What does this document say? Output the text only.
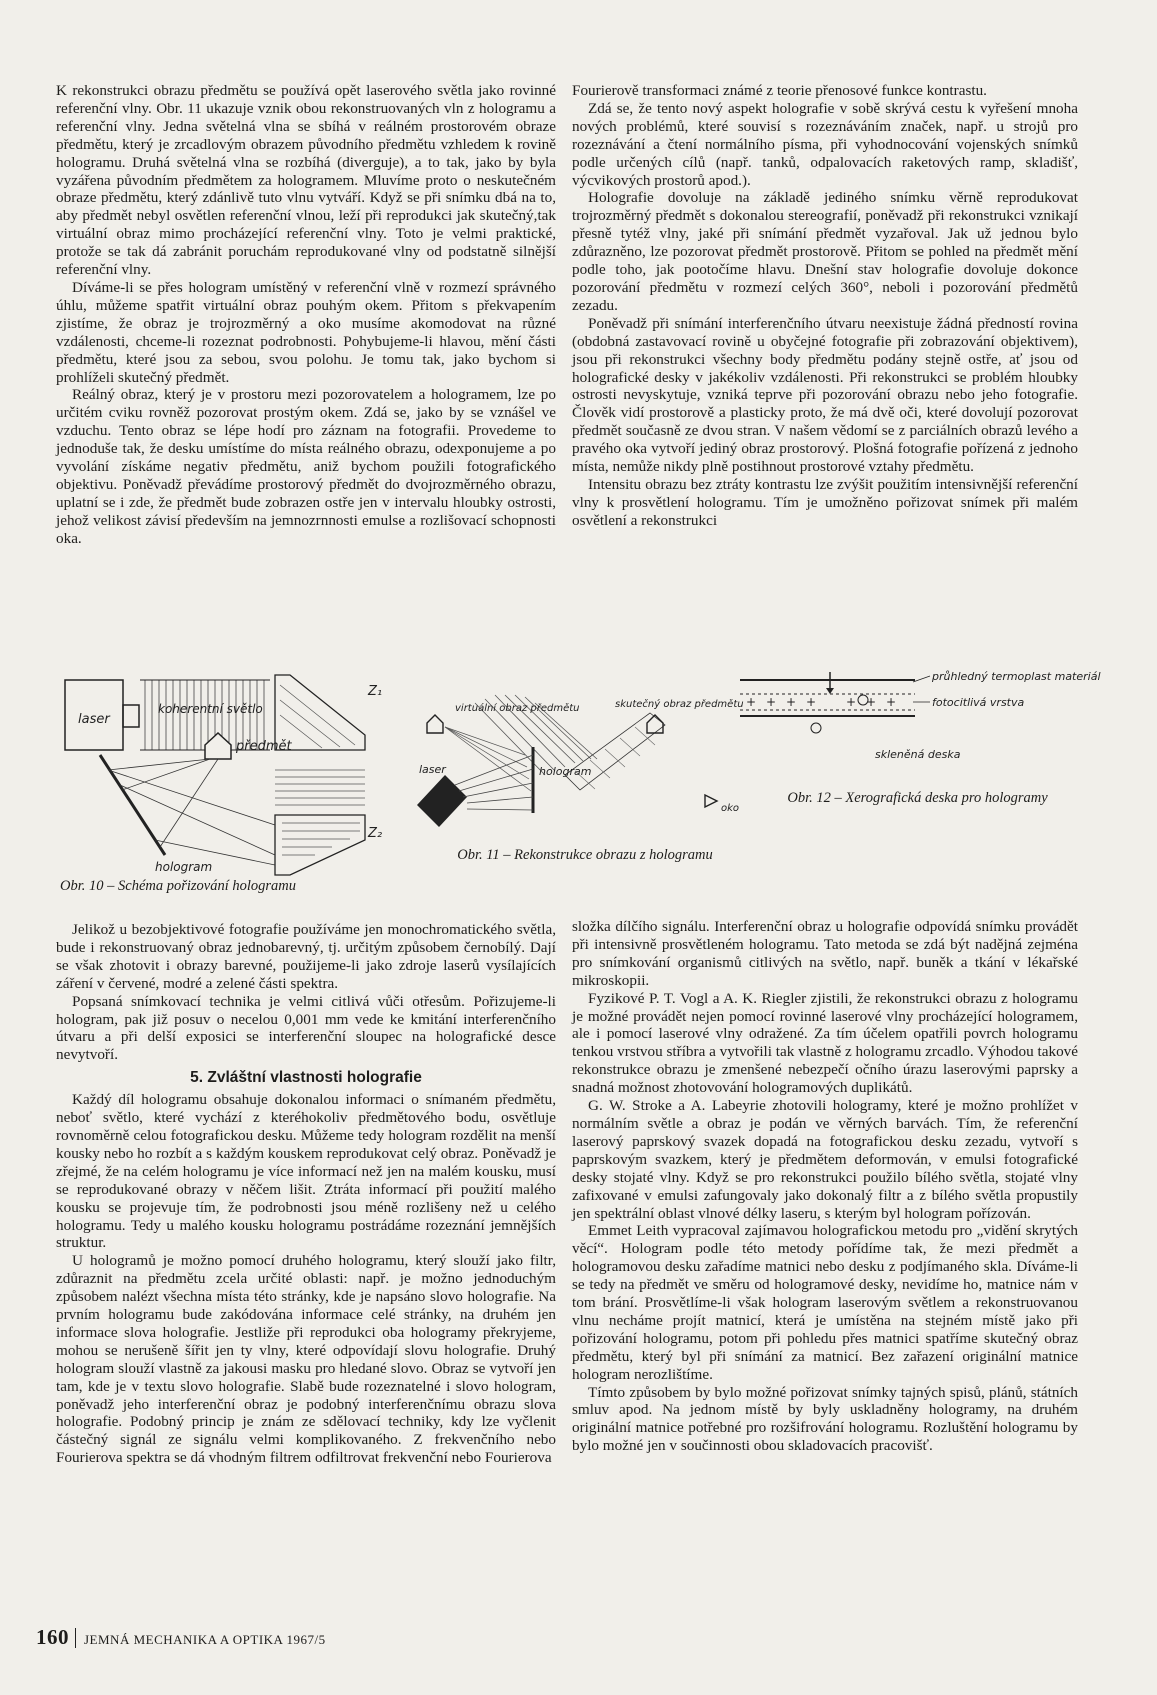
K rekonstrukci obrazu předmětu se používá opět laserového světla jako rovinné referenční vlny. Obr. 11 ukazuje vznik obou rekonstruovaných vln z hologramu a referenční vlny. Jedna světelná vlna se sbíhá v reálném prostorovém obraze předmětu, který je zrcadlovým obrazem původního předmětu vzhledem k rovině hologramu. Druhá světelná vlna se rozbíhá (diverguje), a to tak, jako by byla vyzářena původním předmětem za hologramem. Mluvíme proto o neskutečném obraze předmětu, který zdánlivě tuto vlnu vytváří. Když se při snímku dbá na to, aby předmět nebyl osvětlen referenční vlnou, leží při reprodukci jak skutečný,tak virtuální obraz mimo procházející referenční vlny. Toto je velmi praktické, protože se tak dá zabránit poruchám reprodukované vlny od podstatně silnější referenční vlny.

Díváme-li se přes hologram umístěný v referenční vlně v rozmezí správného úhlu, můžeme spatřit virtuální obraz pouhým okem. Přitom s překvapením zjistíme, že obraz je trojrozměrný a oko musíme akomodovat na různé vzdálenosti, chceme-li rozeznat podrobnosti. Pohybujeme-li hlavou, mění části předmětu, které jsou za sebou, svou polohu. Je tomu tak, jako bychom si prohlíželi skutečný předmět.

Reálný obraz, který je v prostoru mezi pozorovatelem a hologramem, lze po určitém cviku rovněž pozorovat prostým okem. Zdá se, jako by se vznášel ve vzduchu. Tento obraz se lépe hodí pro záznam na fotografii. Provedeme to jednoduše tak, že desku umístíme do místa reálného obrazu, odexponujeme a po vyvolání získáme negativ předmětu, aniž bychom použili fotografického objektivu. Poněvadž převádíme prostorový předmět do dvojrozměrného obrazu, uplatní se i zde, že předmět bude zobrazen ostře jen v intervalu hloubky ostrosti, jehož velikost závisí především na jemnozrnnosti emulse a rozlišovací schopnosti oka.

Fourierově transformaci známé z teorie přenosové funkce kontrastu.

Zdá se, že tento nový aspekt holografie v sobě skrývá cestu k vyřešení mnoha nových problémů, které souvisí s rozeznáváním značek, např. u strojů pro rozeznávání a čtení normálního písma, při vyhodnocování vojenských snímků podle určených cílů (např. tanků, odpalovacích raketových ramp, skladišť, výcvikových prostorů apod.).

Holografie dovoluje na základě jediného snímku věrně reprodukovat trojrozměrný předmět s dokonalou stereografií, poněvadž při rekonstrukci vznikají přesně tytéž vlny, jaké při snímání předmět vyzařoval. Jak už jednou bylo zdůrazněno, lze pozorovat předmět prostorově. Přitom se pohled na předmět mění podle toho, jak pootočíme hlavu. Dnešní stav holografie dovoluje dokonce pozorování předmětu v rozmezí celých 360°, neboli i pozorování předmětů zezadu.

Poněvadž při snímání interferenčního útvaru neexistuje žádná předností rovina (obdobná zastavovací rovině u obyčejné fotografie při zobrazování objektivem), jsou při rekonstrukci všechny body předmětu podány stejně ostře, ať jsou od holografické desky v jakékoliv vzdálenosti. Při rekonstrukci se problém hloubky ostrosti nevyskytuje, vzniká teprve při pozorování obrazu nebo jeho fotografie. Člověk vidí prostorově a plasticky proto, že má dvě oči, které dovolují pozorovat předmět současně ze dvou stran. V našem vědomí se z parciálních obrazů levého a pravého oka vytvoří jediný obraz prostorový. Plošná fotografie pořízená z jednoho místa, nemůže nikdy plně postihnout prostorové vztahy předmětu.

Intensitu obrazu bez ztráty kontrastu lze zvýšit použitím intensivnější referenční vlny k prosvětlení hologramu. Tím je umožněno pořizovat snímek při malém osvětlení a rekonstrukci

laser
koherentní světlo
předmět
hologram
Z₁
Z₂
Obr. 10 – Schéma pořizování hologramu
virtuální obraz předmětu	skutečný obraz předmětu
laser	hologram
oko
Obr. 11 – Rekonstrukce obrazu z hologramu
+ + + + + + +
průhledný termoplast materiál
fotocitlivá vrstva
skleněná deska
Obr. 12 – Xerografická deska pro hologramy

Jelikož u bezobjektivové fotografie používáme jen monochromatického světla, bude i rekonstruovaný obraz jednobarevný, tj. určitým způsobem černobílý. Dají se však zhotovit i obrazy barevné, použijeme-li jako zdroje laserů vysílajících záření v červené, modré a zelené části spektra.

Popsaná snímkovací technika je velmi citlivá vůči otřesům. Pořizujeme-li hologram, pak již posuv o necelou 0,001 mm vede ke kmitání interferenčního útvaru a při delší exposici se interferenční sloupec na holografické desce nevytvoří.

5. Zvláštní vlastnosti holografie

Každý díl hologramu obsahuje dokonalou informaci o snímaném předmětu, neboť světlo, které vychází z kteréhokoliv předmětového bodu, osvětluje rovnoměrně celou fotografickou desku. Můžeme tedy hologram rozdělit na menší kousky nebo ho rozbít a s každým kouskem reprodukovat celý obraz. Poněvadž je zřejmé, že na celém hologramu je více informací než jen na malém kousku, musí se reprodukované obrazy v něčem lišit. Ztráta informací při použití malého kousku se projevuje tím, že podrobnosti jsou méně rozlišeny než u celého hologramu. Tedy u malého kousku hologramu postrádáme rozeznání jemnějších struktur.

U hologramů je možno pomocí druhého hologramu, který slouží jako filtr, zdůraznit na předmětu zcela určité oblasti: např. je možno jednoduchým způsobem nalézt všechna místa této stránky, kde je napsáno slovo holografie. Na prvním hologramu bude zakódována informace celé stránky, na druhém jen informace slova holografie. Jestliže při reprodukci oba hologramy překryjeme, mohou se nerušeně šířit jen ty vlny, které odpovídají slovu holografie. Druhý hologram slouží vlastně za jakousi masku pro hledané slovo. Obraz se vytvoří jen tam, kde je v textu slovo holografie. Slabě bude rozeznatelné i slovo hologram, poněvadž jeho interferenční obraz je podobný interferenčnímu obrazu slova holografie. Podobný princip je znám ze sdělovací techniky, kdy lze vyčlenit částečný signál ze signálu velmi komplikovaného. Z frekvenčního nebo Fourierova spektra se dá vhodným filtrem odfiltrovat frekvenční nebo Fourierova

složka dílčího signálu. Interferenční obraz u holografie odpovídá snímku provádět při intensivně prosvětleném hologramu. Tato metoda se zdá být nadějná zejména pro snímkování organismů citlivých na světlo, např. buněk a tkání v lékařské mikroskopii.

Fyzikové P. T. Vogl a A. K. Riegler zjistili, že rekonstrukci obrazu z hologramu je možné provádět nejen pomocí rovinné laserové vlny procházející hologramem, ale i pomocí laserové vlny odražené. Za tím účelem opatřili povrch hologramu tenkou vrstvou stříbra a vytvořili tak vlastně z hologramu zrcadlo. Výhodou takové rekonstrukce obrazu je zmenšené nebezpečí očního úrazu laserovými paprsky a snadná možnost zhotovování hologramových duplikátů.

G. W. Stroke a A. Labeyrie zhotovili hologramy, které je možno prohlížet v normálním světle a obraz je podán ve věrných barvách. Tím, že referenční laserový paprskový svazek dopadá na fotografickou desku zezadu, vytvoří s paprskovým svazkem, který je předmětem deformován, v emulsi fotografické desky stojaté vlny. Když se pro rekonstrukci použilo bílého světla, stojaté vlny zafixované v emulsi zafungovaly jako dokonalý filtr a z bílého světla propustily jen spektrální oblast vlnové délky laseru, s kterým byl hologram pořízován.

Emmet Leith vypracoval zajímavou holografickou metodu pro „vidění skrytých věcí“. Hologram podle této metody pořídíme tak, že mezi předmět a hologramovou desku zařadíme matnici nebo desku z podjímaného skla. Díváme-li se tedy na předmět ve směru od hologramové desky, nevidíme ho, matnice nám v tom brání. Prosvětlíme-li však hologram laserovým světlem a rekonstruovanou vlnu necháme projít matnicí, která je umístěna na stejném místě jako při pořizování hologramu, potom při pohledu přes matnici spatříme skutečný obraz předmětu, který byl při snímání za matnicí. Bez zařazení originální matnice hologram nerozlištíme.

Tímto způsobem by bylo možné pořizovat snímky tajných spisů, plánů, státních smluv apod. Na jednom místě by byly uskladněny hologramy, na druhém originální matnice potřebné pro rozšifrování hologramu. Rozluštění hologramu by bylo možné jen v součinnosti obou skladovacích pracovišť.

160 JEMNÁ MECHANIKA A OPTIKA 1967/5
